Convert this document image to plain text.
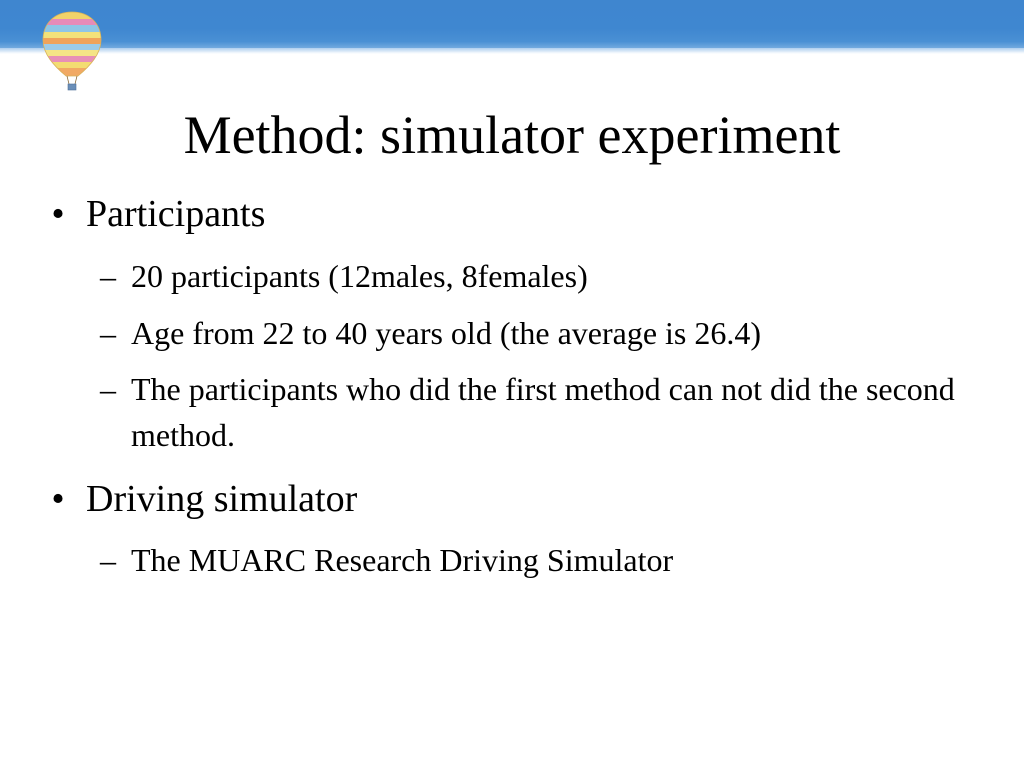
Method: simulator experiment
• Participants
– 20 participants (12males, 8females)
– Age from 22 to 40 years old (the average is 26.4)
– The participants who did the first method can not did the second method.
• Driving simulator
– The MUARC Research Driving Simulator
